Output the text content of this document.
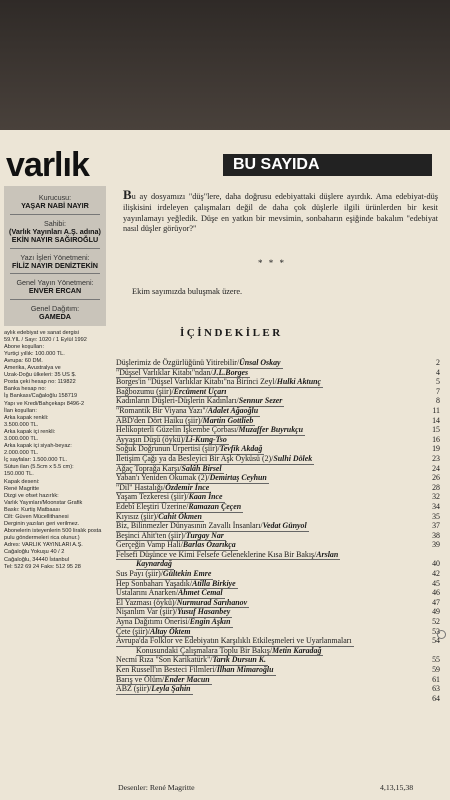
varlık
Kurucusu:
YAŞAR NABİ NAYIR
Sahibi:
(Varlık Yayınları A.Ş. adına)
EKİN NAYIR SAĞIROĞLU
Yazı İşleri Yönetmeni:
FİLİZ NAYIR DENİZTEKİN
Genel Yayın Yönetmeni:
ENVER ERCAN
Genel Dağıtım:
GAMEDA
aylık edebiyat ve sanat dergisi
59.YIL / Sayı: 1020 / 1 Eylül 1992
Abone koşulları:
Yurtiçi yıllık: 100.000 TL.
Avrupa: 60 DM.
Amerika, Avustralya ve
Uzak-Doğu ülkeleri: 35 US $.
Posta çeki hesap no: 119822
Banka hesap no:
İş Bankası/Cağaloğlu 158719
Yapı ve Kredi/Bahçekapı 8496-2
İlan koşulları:
Arka kapak renkli:
3.500.000 TL.
Arka kapak içi renkli:
3.000.000 TL.
Arka kapak içi siyah-beyaz:
2.000.000 TL.
İç sayfalar: 1.500.000 TL.
Sütun ilan (5.5cm x 5.5 cm):
150.000 TL.
Kapak deseni:
René Magritte
Dizgi ve ofset hazırlık:
Varlık Yayınları/Moonstar Grafik
Baskı: Kurtiş Matbaası
Cilt: Güven Mücellithanesi
Derginin yazıları geri verilmez.
Abonelerin isteyenlerin 500 liralık posta
pulu göndermeleri rica olunur.)
Adres: VARLIK YAYINLARI A.Ş.
Cağaloğlu Yokuşu 40 / 2
Cağaloğlu, 34440 İstanbul
Tel: 522 69 24 Faks: 512 95 28
BU SAYIDA
Bu ay dosyamızı "düş"lere, daha doğrusu edebiyattaki düşlere ayırdık. Ama edebiyat-düş ilişkisini irdeleyen çalışmaları değil de daha çok düşlerle ilgili ürünlerden bir kesit yayınlamayı yeğledik. Düşe en yatkın bir mevsimin, sonbaharın eşiğinde bakalım "edebiyat nasıl düşler görüyor?"
* * *
Ekim sayımızda buluşmak üzere.
İÇİNDEKİLER
Düşlerimiz de Özgürlüğünü Yitirebilir/Ünsal Oskay	2
"Düşsel Varlıklar Kitabı"ndan/J.L.Borges	4
Borges'in "Düşsel Varlıklar Kitabı"na Birinci Zeyl/Hulki Aktunç	5
Bağbozumu (şiir)/Ercüment Uçarı	7
Kadınların Düşleri-Düşlerin Kadınları/Sennur Sezer	8
"Romantik Bir Viyana Yazı"/Adalet Ağaoğlu	11
ABD'den Dört Haiku (şiir)/Martin Gottlieb	14
Helikopterli Güzelin İşkembe Çorbası/Muzaffer Buyrukçu	15
Ayyaşın Düşü (öykü)/Li-Kung-Tso	16
Soğuk Doğrunun Ürpertisi (şiir)/Tevfik Akdağ	19
İletişim Çağı ya da Besleyici Bir Aşk Öyküsü (2)/Sulhi Dölek	23
Ağaç Toprağa Karşı/Salâh Birsel	24
Yaban'ı Yeniden Okumak (2)/Demirtaş Ceyhun	26
"Dil" Hastalığı/Özdemir İnce	28
Yaşam Tezkeresi (şiir)/Kaan İnce	32
Edebî Eleştiri Üzerine/Ramazan Çeçen	34
Kıyısız (şiir)/Cahit Ökmen	35
Biz, Bilinmezler Dünyasının Zavallı İnsanları/Vedat Günyol	37
Beşinci Ahit'ten (şiir)/Turgay Nar	38
Gerçeğin Vamp Hali/Barlas Özarıkça	39
Felsefi Düşünce ve Kimi Felsefe Geleneklerine Kısa Bir Bakış/Arslan
Kaynardağ	40
Sus Payı (şiir)/Gültekin Emre	42
Hep Sonbaharı Yaşadık/Atilla Birkiye	45
Ustalarını Anarken/Ahmet Cemal	46
El Yazması (öykü)/Nurmurad Sarıhanov	47
Nişanlım Var (şiir)/Yusuf Hasanbey	49
Ayna Dağıtımı Önerisi/Engin Aşkın	52
Çete (şiir)/Altay Öktem	53
Avrupa'da Folklor ve Edebiyatın Karşılıklı Etkileşmeleri ve Uyarlanmaları	54
Konusundaki Çalışmalara Toplu Bir Bakış/Metin Karadağ
Necmi Rıza "Son Karikatürk"/Tarık Dursun K.	55
Ken Russell'ın Besteci Filmleri/İlhan Mimaroğlu	59
Barış ve Ölüm/Ender Macun	61
ABZ (şiir)/Leyla Şahin	63
64
Desenler: René Magritte	4,13,15,38
